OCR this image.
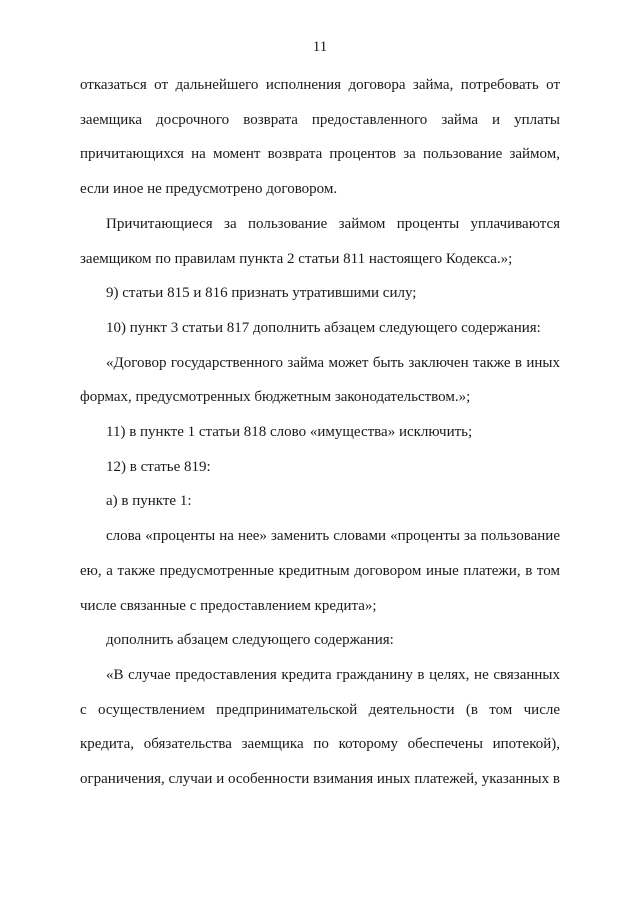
11

отказаться от дальнейшего исполнения договора займа, потребовать от заемщика досрочного возврата предоставленного займа и уплаты причитающихся на момент возврата процентов за пользование займом, если иное не предусмотрено договором.

Причитающиеся за пользование займом проценты уплачиваются заемщиком по правилам пункта 2 статьи 811 настоящего Кодекса.»;

9) статьи 815 и 816 признать утратившими силу;

10) пункт 3 статьи 817 дополнить абзацем следующего содержания:

«Договор государственного займа может быть заключен также в иных формах, предусмотренных бюджетным законодательством.»;

11) в пункте 1 статьи 818 слово «имущества» исключить;

12) в статье 819:

а) в пункте 1:

слова «проценты на нее» заменить словами «проценты за пользование ею, а также предусмотренные кредитным договором иные платежи, в том числе связанные с предоставлением кредита»;

дополнить абзацем следующего содержания:

«В случае предоставления кредита гражданину в целях, не связанных с осуществлением предпринимательской деятельности (в том числе кредита, обязательства заемщика по которому обеспечены ипотекой), ограничения, случаи и особенности взимания иных платежей, указанных в
